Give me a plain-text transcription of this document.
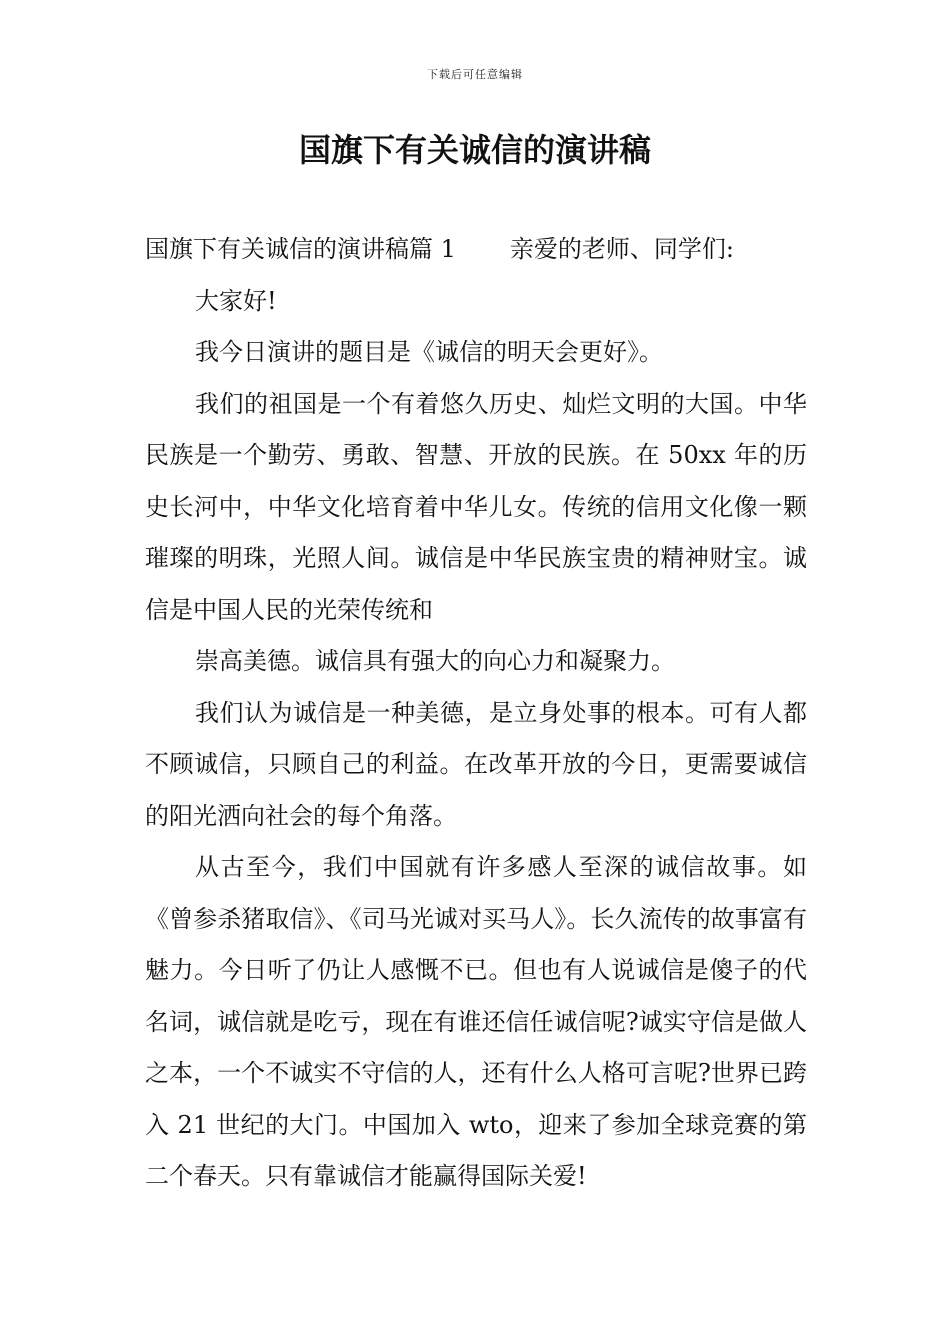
下载后可任意编辑
国旗下有关诚信的演讲稿

国旗下有关诚信的演讲稿篇 1 亲爱的老师、同学们:

大家好!

我今日演讲的题目是《诚信的明天会更好》。

我们的祖国是一个有着悠久历史、灿烂文明的大国。中华民族是一个勤劳、勇敢、智慧、开放的民族。在 50xx 年的历史长河中，中华文化培育着中华儿女。传统的信用文化像一颗璀璨的明珠，光照人间。诚信是中华民族宝贵的精神财宝。诚信是中国人民的光荣传统和

崇高美德。诚信具有强大的向心力和凝聚力。

我们认为诚信是一种美德，是立身处事的根本。可有人都不顾诚信，只顾自己的利益。在改革开放的今日，更需要诚信的阳光洒向社会的每个角落。

从古至今，我们中国就有许多感人至深的诚信故事。如《曾参杀猪取信》、《司马光诚对买马人》。长久流传的故事富有魅力。今日听了仍让人感慨不已。但也有人说诚信是傻子的代名词，诚信就是吃亏，现在有谁还信任诚信呢?诚实守信是做人之本，一个不诚实不守信的人，还有什么人格可言呢?世界已跨入 21 世纪的大门。中国加入 wto，迎来了参加全球竞赛的第二个春天。只有靠诚信才能赢得国际关爱!
